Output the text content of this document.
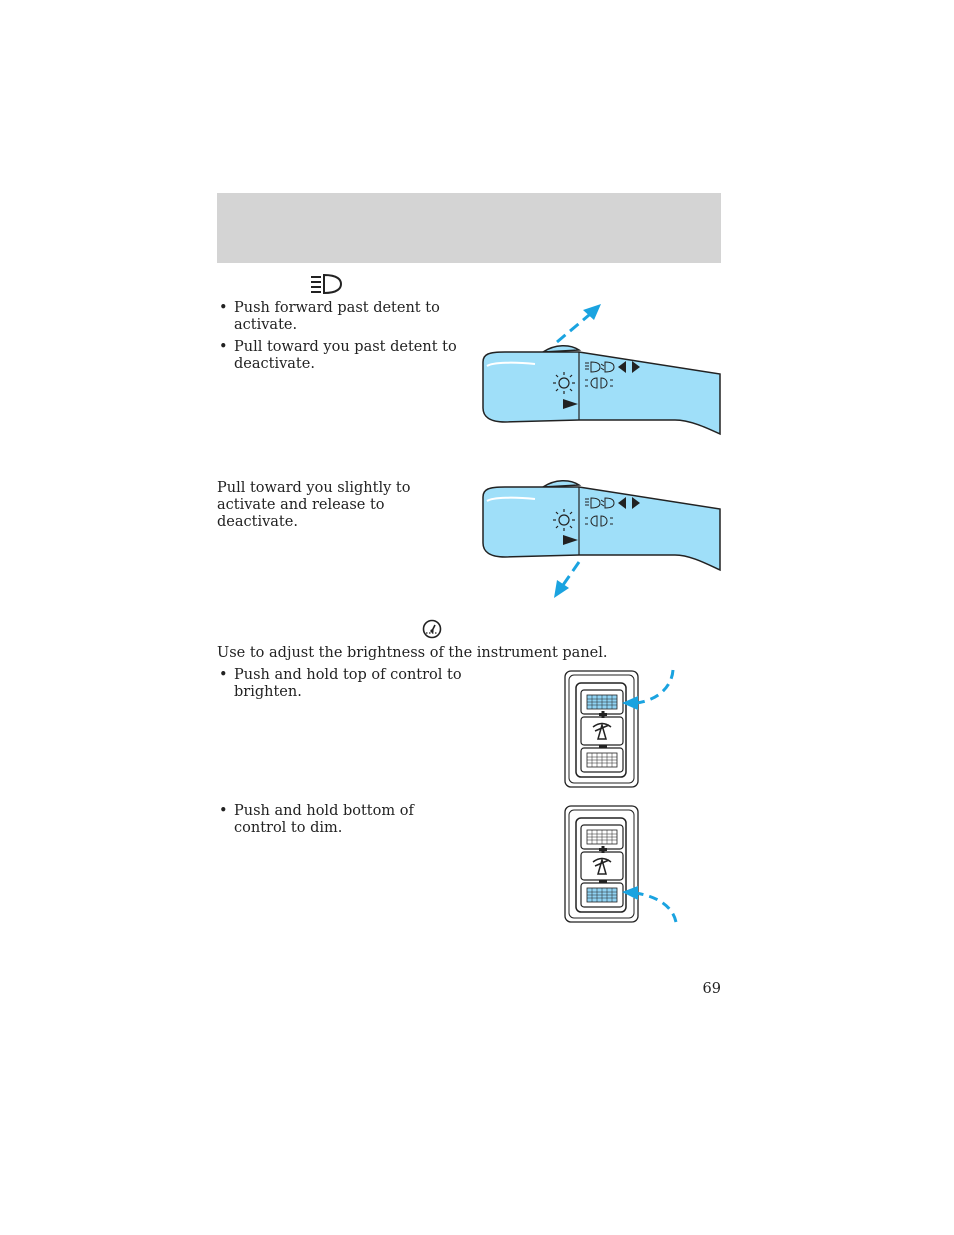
• Push forward past detent to activate.
• Pull toward you past detent to deactivate.

Pull toward you slightly to activate and release to deactivate.

Use to adjust the brightness of the instrument panel.

• Push and hold top of control to brighten.
• Push and hold bottom of control to dim.
69
